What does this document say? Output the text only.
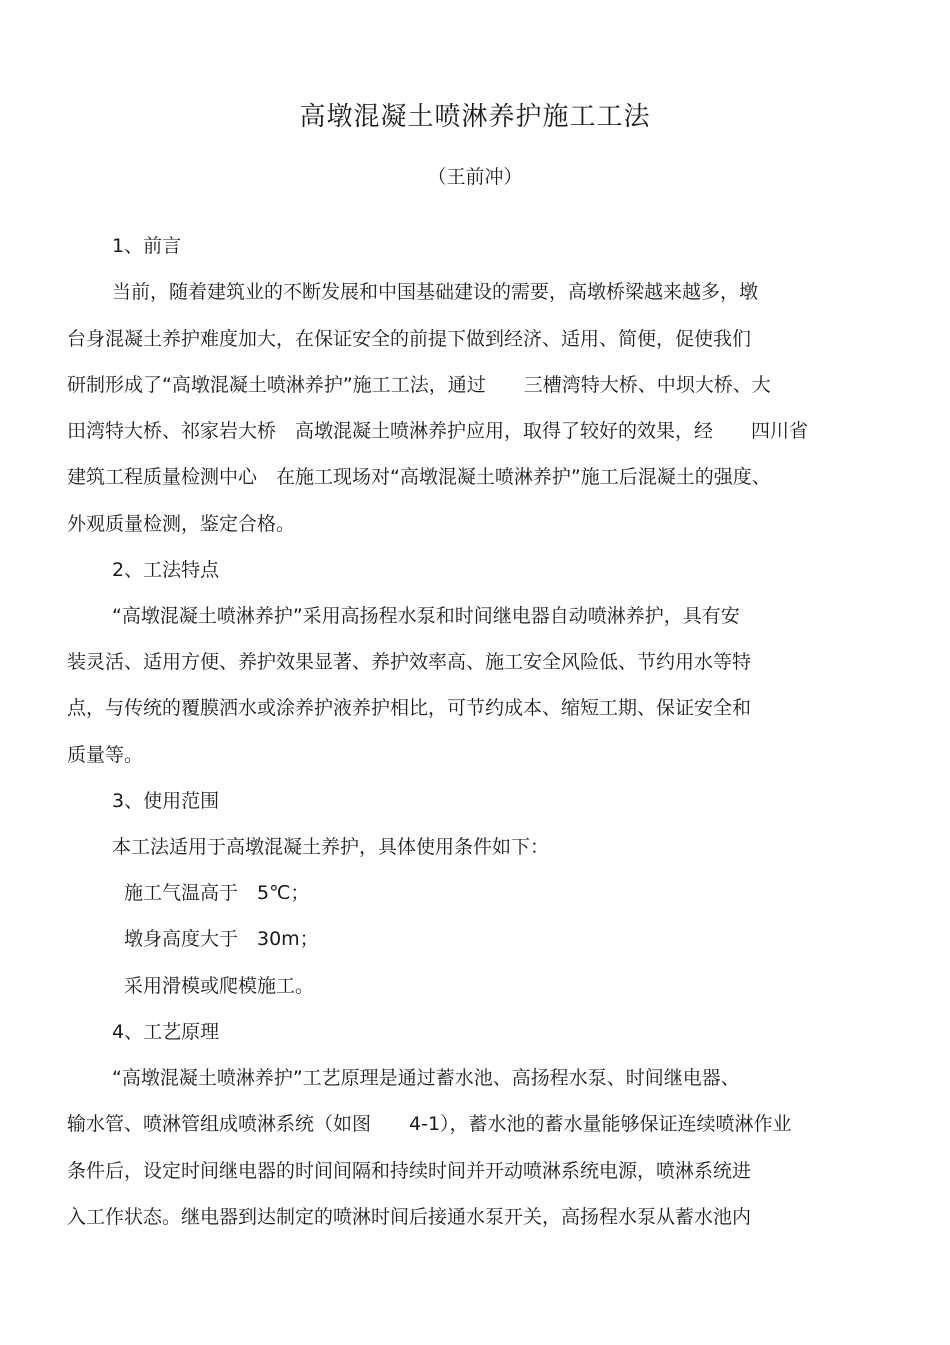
高墩混凝土喷淋养护施工工法
（王前冲）
1、前言
当前，随着建筑业的不断发展和中国基础建设的需要，高墩桥梁越来越多，墩
台身混凝土养护难度加大，在保证安全的前提下做到经济、适用、简便，促使我们
研制形成了“高墩混凝土喷淋养护”施工工法，通过　　三槽湾特大桥、中坝大桥、大
田湾特大桥、祁家岩大桥　高墩混凝土喷淋养护应用，取得了较好的效果，经　　四川省
建筑工程质量检测中心　在施工现场对“高墩混凝土喷淋养护”施工后混凝土的强度、
外观质量检测，鉴定合格。
2、工法特点
“高墩混凝土喷淋养护”采用高扬程水泵和时间继电器自动喷淋养护，具有安
装灵活、适用方便、养护效果显著、养护效率高、施工安全风险低、节约用水等特
点，与传统的覆膜洒水或涂养护液养护相比，可节约成本、缩短工期、保证安全和
质量等。
3、使用范围
本工法适用于高墩混凝土养护，具体使用条件如下：
施工气温高于　5℃；
墩身高度大于　30m；
采用滑模或爬模施工。
4、工艺原理
“高墩混凝土喷淋养护”工艺原理是通过蓄水池、高扬程水泵、时间继电器、
输水管、喷淋管组成喷淋系统（如图　　4-1），蓄水池的蓄水量能够保证连续喷淋作业
条件后，设定时间继电器的时间间隔和持续时间并开动喷淋系统电源，喷淋系统进
入工作状态。继电器到达制定的喷淋时间后接通水泵开关，高扬程水泵从蓄水池内
